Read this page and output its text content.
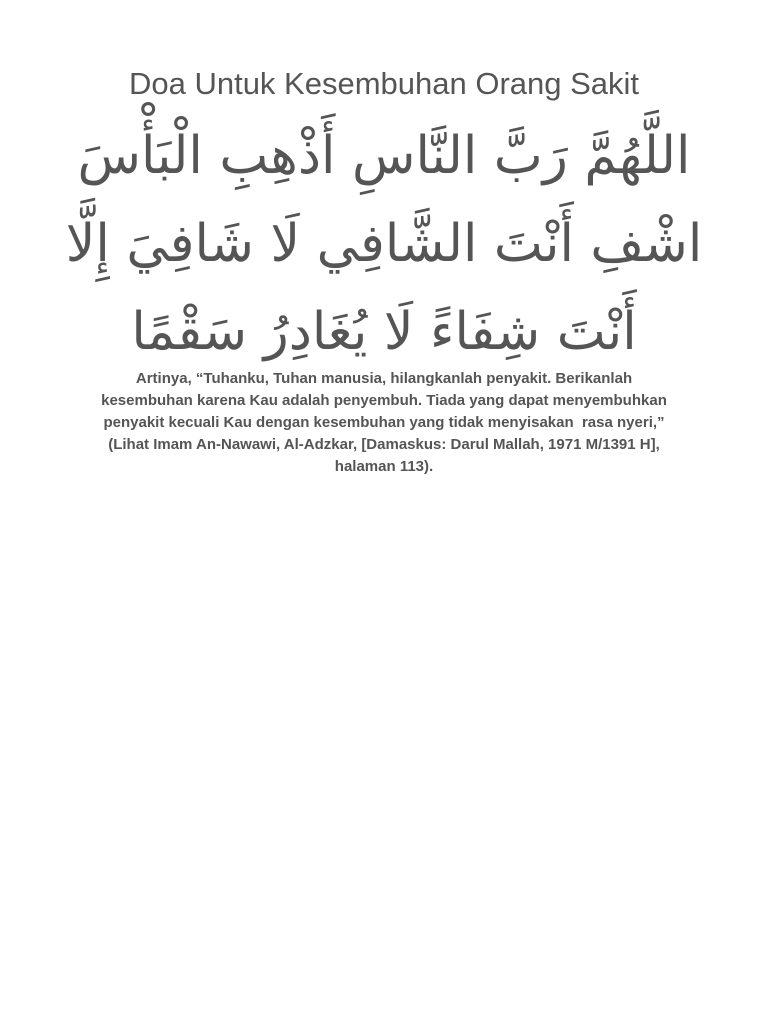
Doa Untuk Kesembuhan Orang Sakit
اللَّهُمَّ رَبَّ النَّاسِ أَذْهِبِ الْبَأْسَ
اشْفِ أَنْتَ الشَّافِي لَا شَافِيَ إِلَّا
أَنْتَ شِفَاءً لَا يُغَادِرُ سَقْمًا
Artinya, “Tuhanku, Tuhan manusia, hilangkanlah penyakit. Berikanlah
kesembuhan karena Kau adalah penyembuh. Tiada yang dapat menyembuhkan
penyakit kecuali Kau dengan kesembuhan yang tidak menyisakan  rasa nyeri,”
(Lihat Imam An-Nawawi, Al-Adzkar, [Damaskus: Darul Mallah, 1971 M/1391 H],
halaman 113).
